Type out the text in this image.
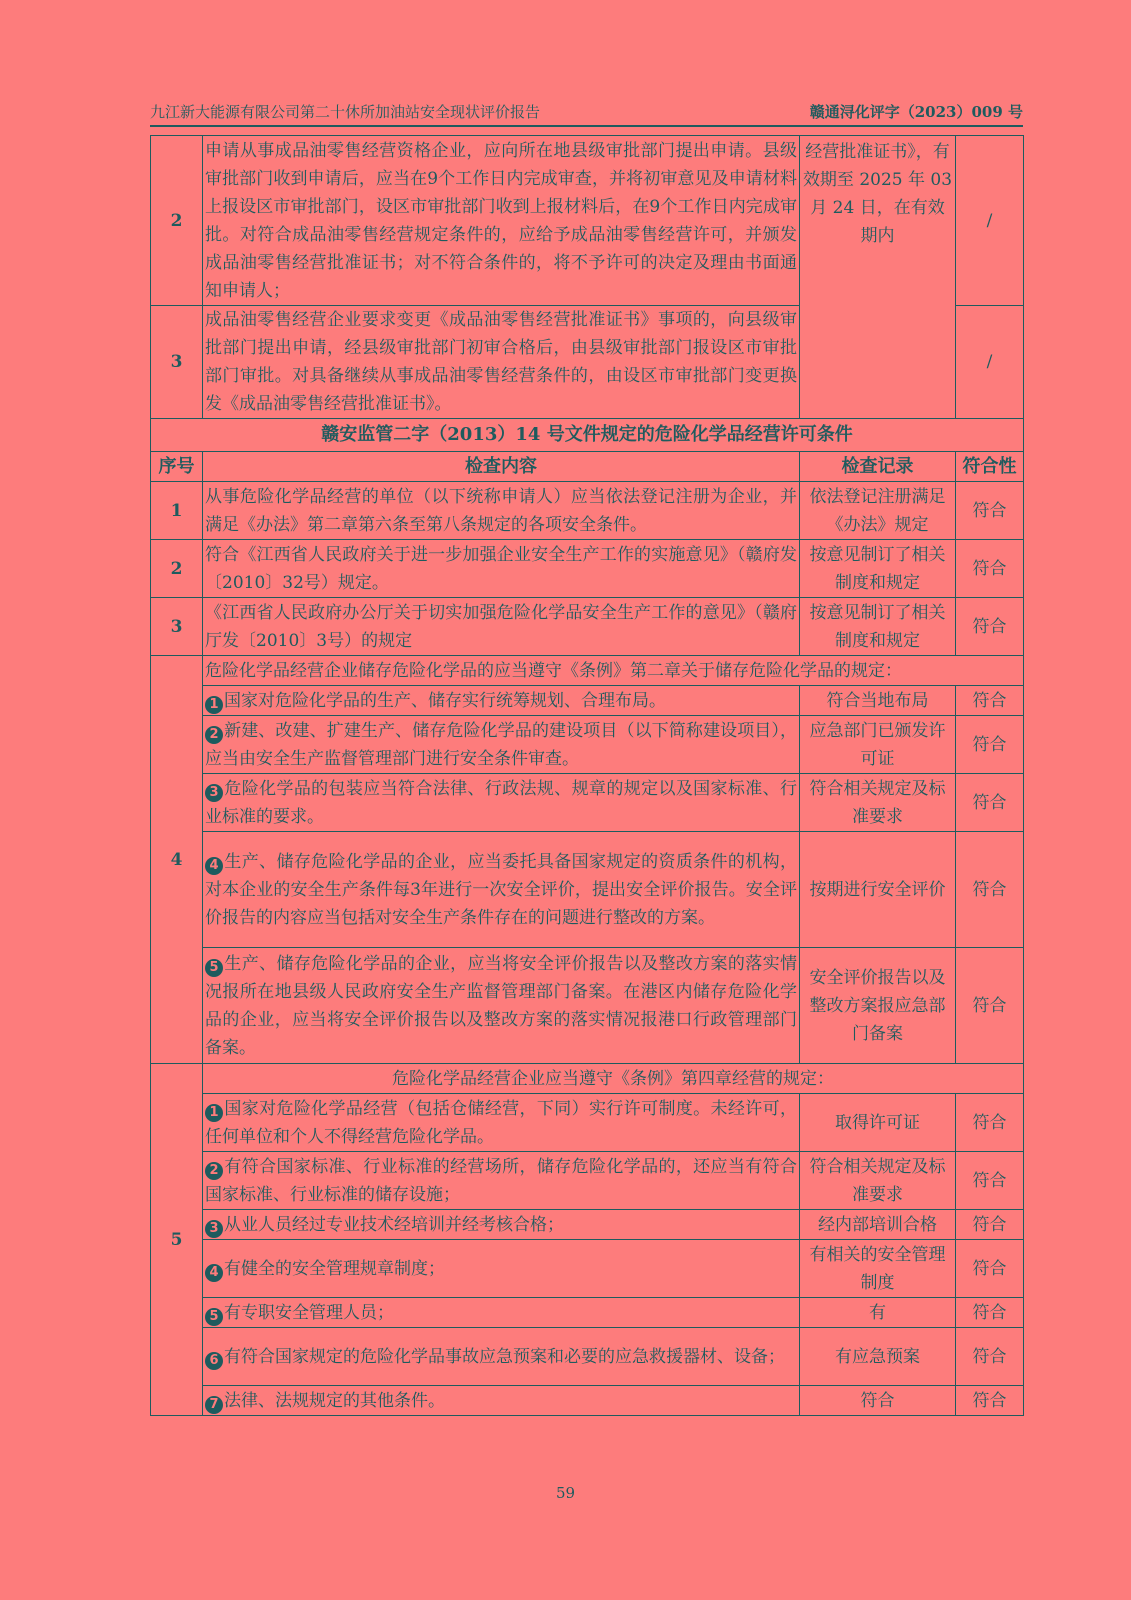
九江新大能源有限公司第二十休所加油站安全现状评价报告	赣通浔化评字（2023）009 号
2	申请从事成品油零售经营资格企业，应向所在地县级审批部门提出申请。县级审批部门收到申请后，应当在9个工作日内完成审查，并将初审意见及申请材料上报设区市审批部门，设区市审批部门收到上报材料后，在9个工作日内完成审批。对符合成品油零售经营规定条件的，应给予成品油零售经营许可，并颁发成品油零售经营批准证书；对不符合条件的，将不予许可的决定及理由书面通知申请人；	经营批准证书》，有效期至 2025 年 03 月 24 日，在有效期内	/
3	成品油零售经营企业要求变更《成品油零售经营批准证书》事项的，向县级审批部门提出申请，经县级审批部门初审合格后，由县级审批部门报设区市审批部门审批。对具备继续从事成品油零售经营条件的，由设区市审批部门变更换发《成品油零售经营批准证书》。		/
赣安监管二字（2013）14 号文件规定的危险化学品经营许可条件			
序号	检查内容	检查记录	符合性
1	从事危险化学品经营的单位（以下统称申请人）应当依法登记注册为企业，并满足《办法》第二章第六条至第八条规定的各项安全条件。	依法登记注册满足《办法》规定	符合
2	符合《江西省人民政府关于进一步加强企业安全生产工作的实施意见》（赣府发〔2010〕32号）规定。	按意见制订了相关制度和规定	符合
3	《江西省人民政府办公厅关于切实加强危险化学品安全生产工作的意见》（赣府厅发〔2010〕3号）的规定	按意见制订了相关制度和规定	符合
4	危险化学品经营企业储存危险化学品的应当遵守《条例》第二章关于储存危险化学品的规定：		
	1 国家对危险化学品的生产、储存实行统筹规划、合理布局。	符合当地布局	符合
	2 新建、改建、扩建生产、储存危险化学品的建设项目（以下简称建设项目），应当由安全生产监督管理部门进行安全条件审查。	应急部门已颁发许可证	符合
	3 危险化学品的包装应当符合法律、行政法规、规章的规定以及国家标准、行业标准的要求。	符合相关规定及标准要求	符合
	4 生产、储存危险化学品的企业，应当委托具备国家规定的资质条件的机构，对本企业的安全生产条件每3年进行一次安全评价，提出安全评价报告。安全评价报告的内容应当包括对安全生产条件存在的问题进行整改的方案。	按期进行安全评价	符合
	5 生产、储存危险化学品的企业，应当将安全评价报告以及整改方案的落实情况报所在地县级人民政府安全生产监督管理部门备案。在港区内储存危险化学品的企业，应当将安全评价报告以及整改方案的落实情况报港口行政管理部门备案。	安全评价报告以及整改方案报应急部门备案	符合
5	危险化学品经营企业应当遵守《条例》第四章经营的规定：		
	1 国家对危险化学品经营（包括仓储经营，下同）实行许可制度。未经许可，任何单位和个人不得经营危险化学品。	取得许可证	符合
	2 有符合国家标准、行业标准的经营场所，储存危险化学品的，还应当有符合国家标准、行业标准的储存设施；	符合相关规定及标准要求	符合
	3 从业人员经过专业技术经培训并经考核合格；	经内部培训合格	符合
	4 有健全的安全管理规章制度；	有相关的安全管理制度	符合
	5 有专职安全管理人员；	有	符合
	6 有符合国家规定的危险化学品事故应急预案和必要的应急救援器材、设备；	有应急预案	符合
	7 法律、法规规定的其他条件。	符合	符合
59
